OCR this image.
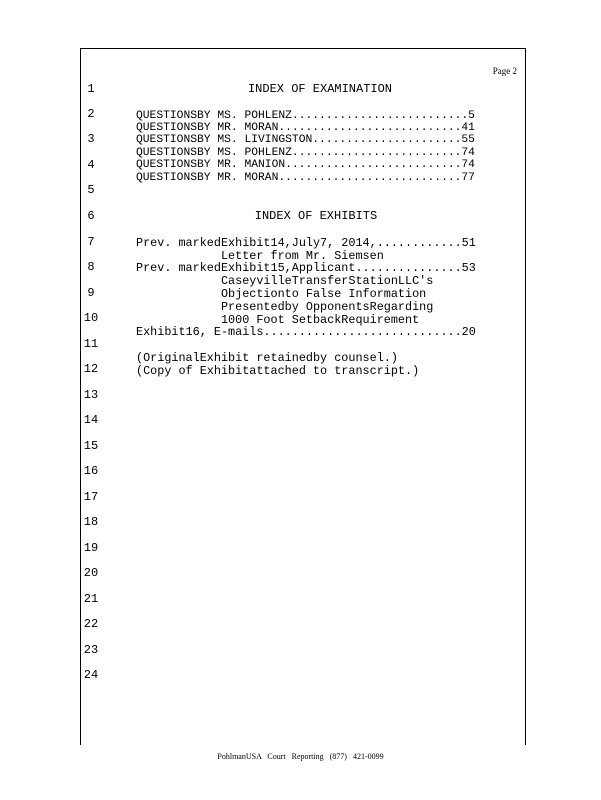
Page 2
1
2
3
4
5
6
7
8
9
10
11
12
13
14
15
16
17
18
19
20
21
22
23
24
INDEX OF EXAMINATION
QUESTIONSBY MS. POHLENZ..........................5
QUESTIONSBY MR. MORAN...........................41
QUESTIONSBY MS. LIVINGSTON......................55
QUESTIONSBY MS. POHLENZ.........................74
QUESTIONSBY MR. MANION..........................74
QUESTIONSBY MR. MORAN...........................77
INDEX OF EXHIBITS
Prev. markedExhibit14,July7, 2014,............51
Letter from Mr. Siemsen
Prev. markedExhibit15,Applicant...............53
CaseyvilleTransferStationLLC's
Objectionto False Information
Presentedby OpponentsRegarding
1000 Foot SetbackRequirement
Exhibit16, E-mails............................20
(OriginalExhibit retainedby counsel.)
(Copy of Exhibitattached to transcript.)
PohlmanUSA Court Reporting (877) 421-0099
